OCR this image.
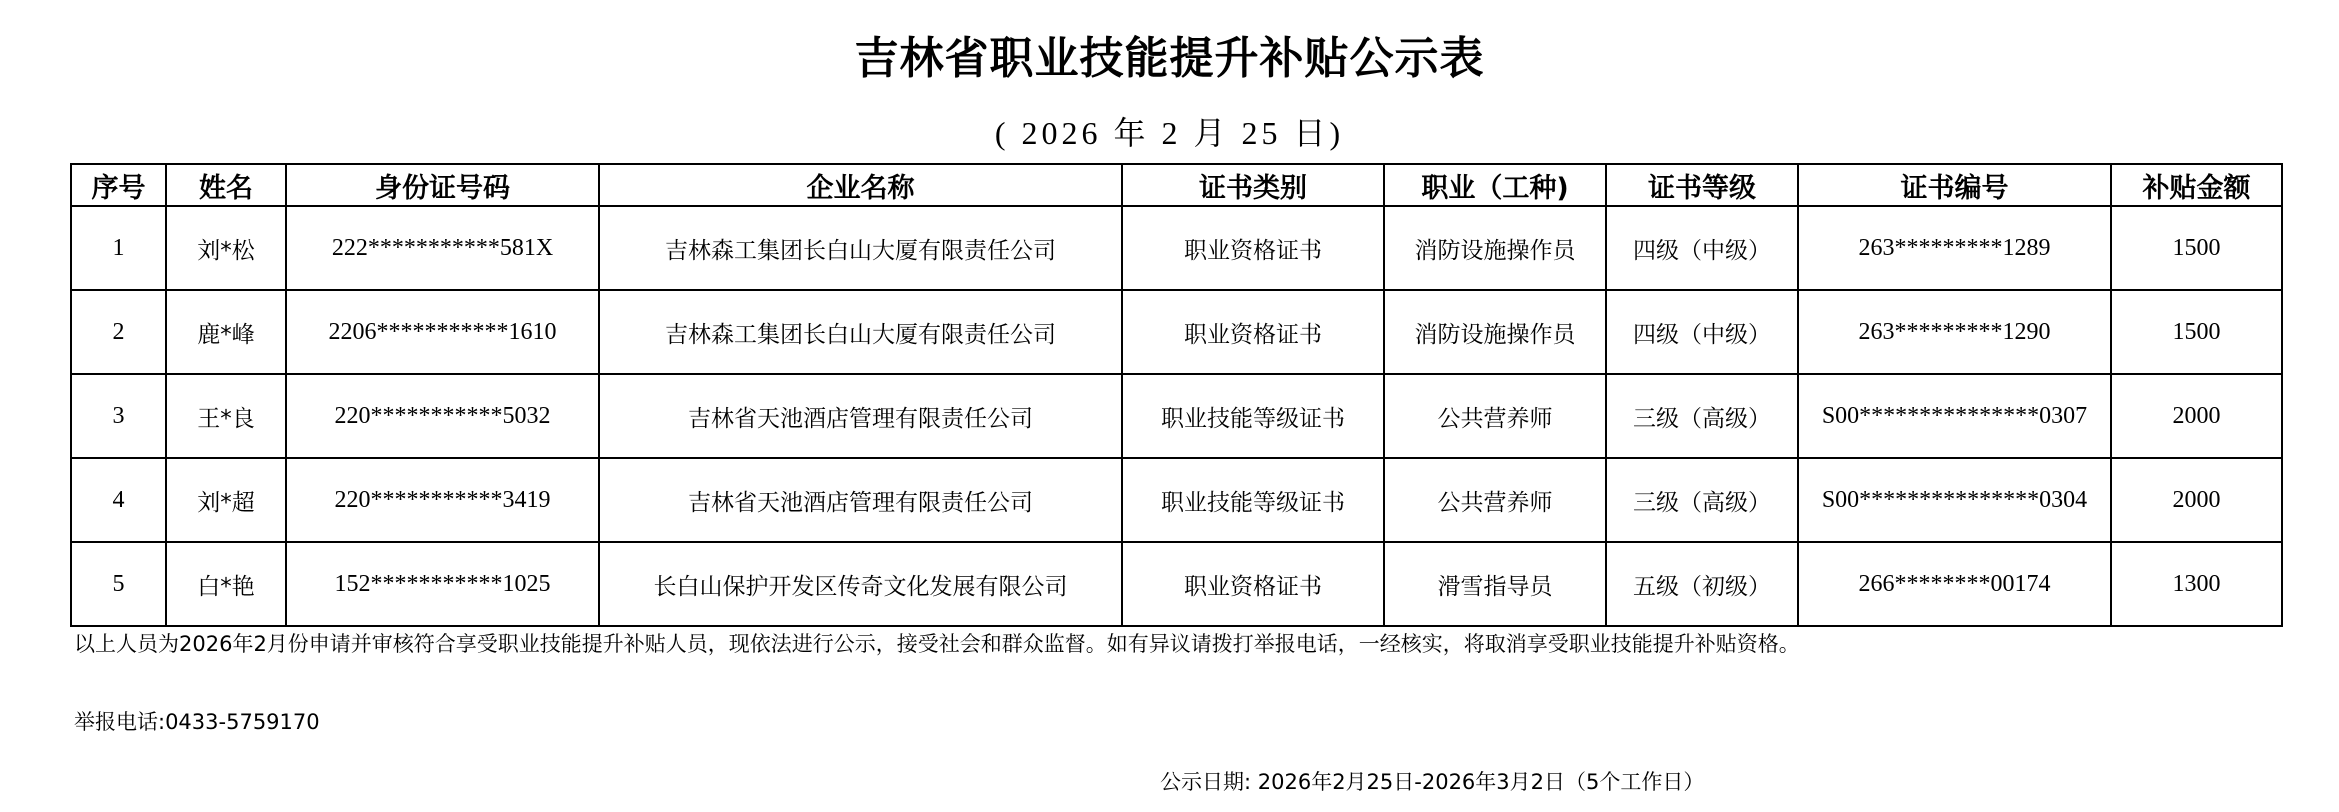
吉林省职业技能提升补贴公示表
( 2026 年 2 月 25 日)
序号	姓名	身份证号码	企业名称	证书类别	职业（工种)	证书等级	证书编号	补贴金额
1	刘*松	222***********581X	吉林森工集团长白山大厦有限责任公司	职业资格证书	消防设施操作员	四级（中级）	263*********1289	1500
2	鹿*峰	2206***********1610	吉林森工集团长白山大厦有限责任公司	职业资格证书	消防设施操作员	四级（中级）	263*********1290	1500
3	王*良	220***********5032	吉林省天池酒店管理有限责任公司	职业技能等级证书	公共营养师	三级（高级）	S00***************0307	2000
4	刘*超	220***********3419	吉林省天池酒店管理有限责任公司	职业技能等级证书	公共营养师	三级（高级）	S00***************0304	2000
5	白*艳	152***********1025	长白山保护开发区传奇文化发展有限公司	职业资格证书	滑雪指导员	五级（初级）	266********00174	1300
以上人员为2026年2月份申请并审核符合享受职业技能提升补贴人员，现依法进行公示，接受社会和群众监督。如有异议请拨打举报电话，一经核实，将取消享受职业技能提升补贴资格。
举报电话:0433-5759170
公示日期: 2026年2月25日-2026年3月2日（5个工作日）
